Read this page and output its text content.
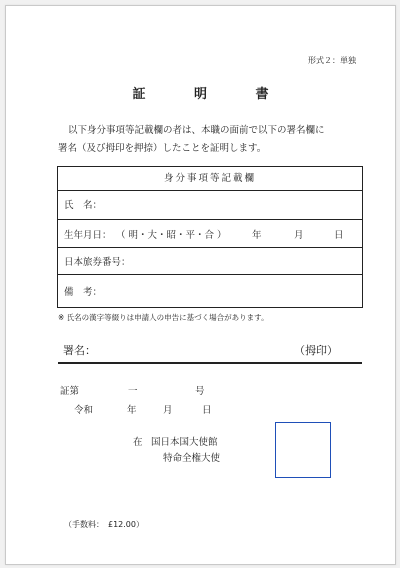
形式２：単独
証 明 書
以下身分事項等記載欄の者は、本職の面前で以下の署名欄に
署名（及び拇印を押捺）したことを証明します。
身分事項等記載欄
氏　名：
生年月日： （ 明・大・昭・平・合 ）	年	月	日
日本旅券番号：
備　考：
※ 氏名の漢字等綴りは申請人の申告に基づく場合があります。
署名：	（拇印）
証第	一	号
令和	年	月	日
在 国日本国大使館
特命全権大使
（手数料：　£12.00）
